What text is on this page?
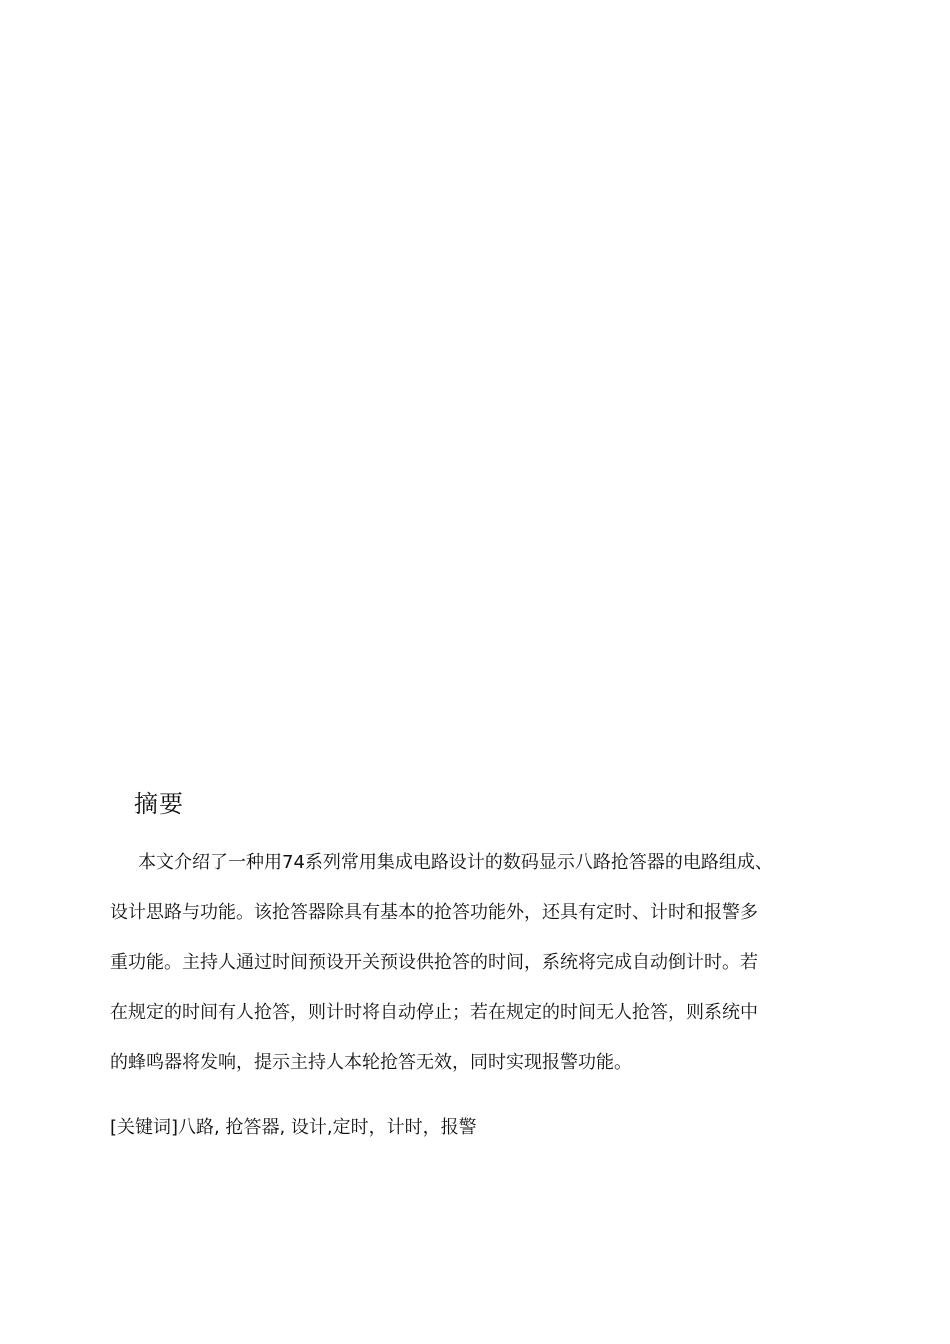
摘要
本文介绍了一种用74系列常用集成电路设计的数码显示八路抢答器的电路组成、
设计思路与功能。该抢答器除具有基本的抢答功能外，还具有定时、计时和报警多
重功能。主持人通过时间预设开关预设供抢答的时间，系统将完成自动倒计时。若
在规定的时间有人抢答，则计时将自动停止；若在规定的时间无人抢答，则系统中
的蜂鸣器将发响，提示主持人本轮抢答无效，同时实现报警功能。
[关键词]八路, 抢答器, 设计,定时，计时，报警
